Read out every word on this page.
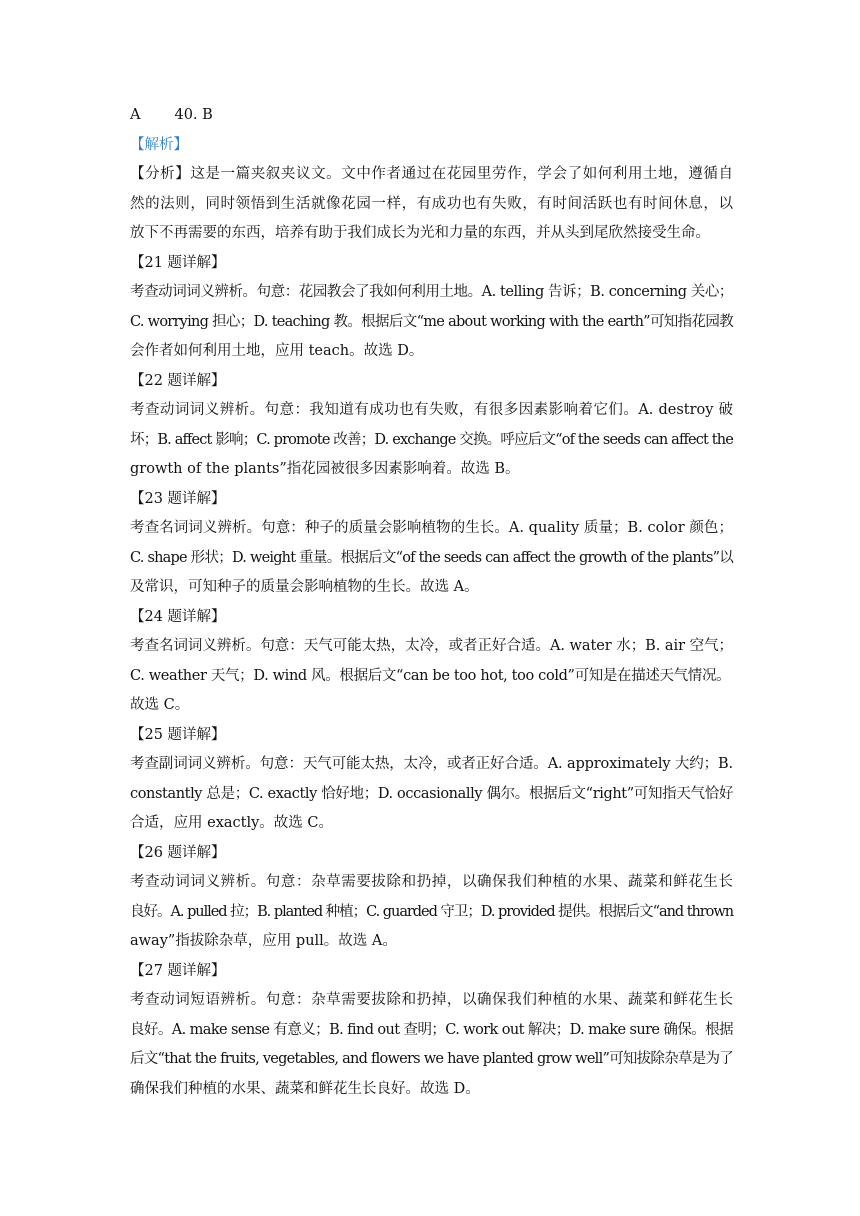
A 40. B
【解析】
【分析】这是一篇夹叙夹议文。文中作者通过在花园里劳作，学会了如何利用土地，遵循自
然的法则，同时领悟到生活就像花园一样，有成功也有失败，有时间活跃也有时间休息，以
放下不再需要的东西，培养有助于我们成长为光和力量的东西，并从头到尾欣然接受生命。
【21 题详解】
考查动词词义辨析。句意：花园教会了我如何利用土地。A. telling 告诉；B. concerning 关心；
C. worrying 担心；D. teaching 教。根据后文“me about working with the earth”可知指花园教
会作者如何利用土地，应用 teach。故选 D。
【22 题详解】
考查动词词义辨析。句意：我知道有成功也有失败，有很多因素影响着它们。A. destroy 破
坏；B. affect 影响；C. promote 改善；D. exchange 交换。呼应后文“of the seeds can affect the
growth of the plants”指花园被很多因素影响着。故选 B。
【23 题详解】
考查名词词义辨析。句意：种子的质量会影响植物的生长。A. quality 质量；B. color 颜色；
C. shape 形状；D. weight 重量。根据后文“of the seeds can affect the growth of the plants”以
及常识，可知种子的质量会影响植物的生长。故选 A。
【24 题详解】
考查名词词义辨析。句意：天气可能太热，太冷，或者正好合适。A. water 水；B. air 空气；
C. weather 天气；D. wind 风。根据后文“can be too hot, too cold”可知是在描述天气情况。
故选 C。
【25 题详解】
考查副词词义辨析。句意：天气可能太热，太冷，或者正好合适。A. approximately 大约；B.
constantly 总是；C. exactly 恰好地；D. occasionally 偶尔。根据后文“right”可知指天气恰好
合适，应用 exactly。故选 C。
【26 题详解】
考查动词词义辨析。句意：杂草需要拔除和扔掉，以确保我们种植的水果、蔬菜和鲜花生长
良好。A. pulled 拉；B. planted 种植；C. guarded 守卫；D. provided 提供。根据后文“and thrown
away”指拔除杂草，应用 pull。故选 A。
【27 题详解】
考查动词短语辨析。句意：杂草需要拔除和扔掉，以确保我们种植的水果、蔬菜和鲜花生长
良好。A. make sense 有意义；B. find out 查明；C. work out 解决；D. make sure 确保。根据
后文“that the fruits, vegetables, and flowers we have planted grow well”可知拔除杂草是为了
确保我们种植的水果、蔬菜和鲜花生长良好。故选 D。
